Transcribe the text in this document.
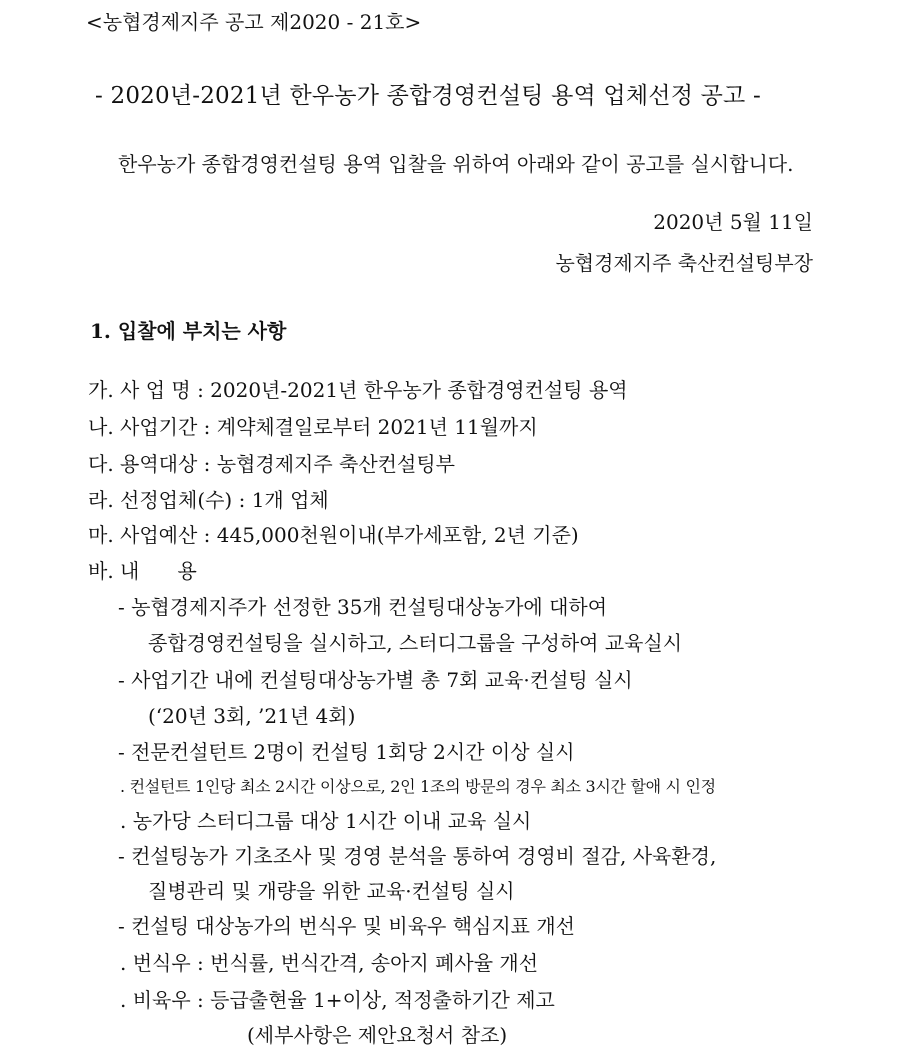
<농협경제지주 공고 제2020 - 21호>
- 2020년-2021년 한우농가 종합경영컨설팅 용역 업체선정 공고 -
한우농가 종합경영컨설팅 용역 입찰을 위하여 아래와 같이 공고를 실시합니다.
2020년 5월 11일
농협경제지주 축산컨설팅부장
1. 입찰에 부치는 사항
가. 사 업 명 : 2020년-2021년 한우농가 종합경영컨설팅 용역
나. 사업기간 : 계약체결일로부터 2021년 11월까지
다. 용역대상 : 농협경제지주 축산컨설팅부
라. 선정업체(수) : 1개 업체
마. 사업예산 : 445,000천원이내(부가세포함, 2년 기준)
바. 내      용
- 농협경제지주가 선정한 35개 컨설팅대상농가에 대하여
종합경영컨설팅을 실시하고, 스터디그룹을 구성하여 교육실시
- 사업기간 내에 컨설팅대상농가별 총 7회 교육·컨설팅 실시
(‘20년 3회, ’21년 4회)
- 전문컨설턴트 2명이 컨설팅 1회당 2시간 이상 실시
. 컨설턴트 1인당 최소 2시간 이상으로, 2인 1조의 방문의 경우 최소 3시간 할애 시 인정
. 농가당 스터디그룹 대상 1시간 이내 교육 실시
- 컨설팅농가 기초조사 및 경영 분석을 통하여 경영비 절감, 사육환경,
질병관리 및 개량을 위한 교육·컨설팅 실시
- 컨설팅 대상농가의 번식우 및 비육우 핵심지표 개선
. 번식우 : 번식률, 번식간격, 송아지 폐사율 개선
. 비육우 : 등급출현율 1+이상, 적정출하기간 제고
(세부사항은 제안요청서 참조)
